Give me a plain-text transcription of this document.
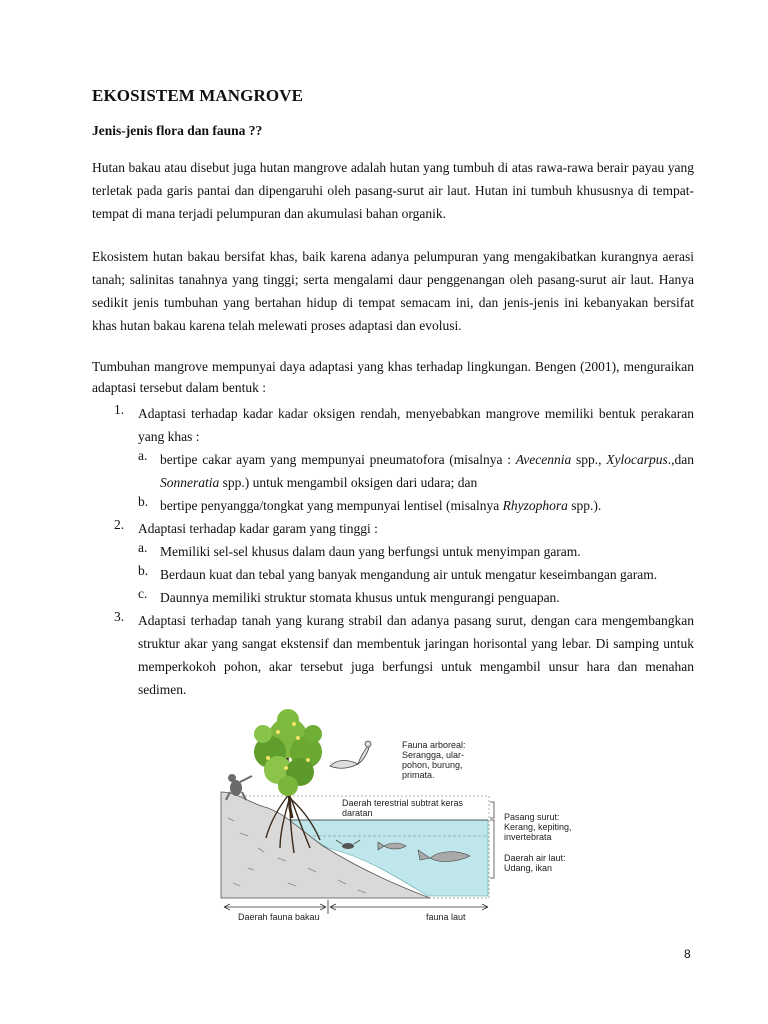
EKOSISTEM MANGROVE
Jenis-jenis flora dan fauna ??
Hutan bakau atau disebut juga hutan mangrove adalah hutan yang tumbuh di atas rawa-rawa berair payau yang terletak pada garis pantai dan dipengaruhi oleh pasang-surut air laut. Hutan ini tumbuh khususnya di tempat-tempat di mana terjadi pelumpuran dan akumulasi bahan organik.
Ekosistem hutan bakau bersifat khas, baik karena adanya pelumpuran yang mengakibatkan kurangnya aerasi tanah; salinitas tanahnya yang tinggi; serta mengalami daur penggenangan oleh pasang-surut air laut. Hanya sedikit jenis tumbuhan yang bertahan hidup di tempat semacam ini, dan jenis-jenis ini kebanyakan bersifat khas hutan bakau karena telah melewati proses adaptasi dan evolusi.
Tumbuhan mangrove mempunyai daya adaptasi yang khas terhadap lingkungan. Bengen (2001), menguraikan adaptasi tersebut dalam bentuk :
1. Adaptasi terhadap kadar kadar oksigen rendah, menyebabkan mangrove memiliki bentuk perakaran yang khas :
a. bertipe cakar ayam yang mempunyai pneumatofora (misalnya : Avecennia spp., Xylocarpus.,dan Sonneratia spp.) untuk mengambil oksigen dari udara; dan
b. bertipe penyangga/tongkat yang mempunyai lentisel (misalnya Rhyzophora spp.).
2. Adaptasi terhadap kadar garam yang tinggi :
a. Memiliki sel-sel khusus dalam daun yang berfungsi untuk menyimpan garam.
b. Berdaun kuat dan tebal yang banyak mengandung air untuk mengatur keseimbangan garam.
c. Daunnya memiliki struktur stomata khusus untuk mengurangi penguapan.
3. Adaptasi terhadap tanah yang kurang strabil dan adanya pasang surut, dengan cara mengembangkan struktur akar yang sangat ekstensif dan membentuk jaringan horisontal yang lebar. Di samping untuk memperkokoh pohon, akar tersebut juga berfungsi untuk mengambil unsur hara dan menahan sedimen.
Fauna arboreal:
Serangga, ular-
pohon, burung,
primata.
Daerah terestrial subtrat keras
daratan	Pasang surut:
Kerang, kepiting,
invertebrata
Daerah air laut:
Udang, ikan
Daerah fauna bakau	fauna laut
8
